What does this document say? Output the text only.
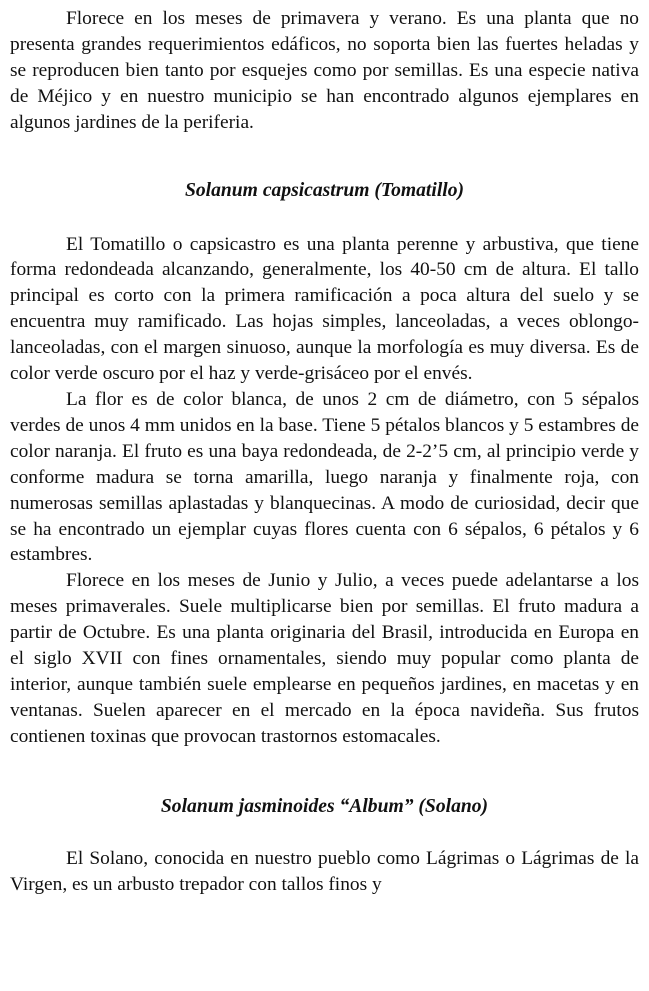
Florece en los meses de primavera y verano. Es una planta que no presenta grandes requerimientos edáficos, no soporta bien las fuertes heladas y se reproducen bien tanto por esquejes como por semillas. Es una especie nativa de Méjico y en nuestro municipio se han encontrado algunos ejemplares en algunos jardines de la periferia.

Solanum capsicastrum (Tomatillo)

El Tomatillo o capsicastro es una planta perenne y arbustiva, que tiene forma redondeada alcanzando, generalmente, los 40-50 cm de altura. El tallo principal es corto con la primera ramificación a poca altura del suelo y se encuentra muy ramificado. Las hojas simples, lanceoladas, a veces oblongo-lanceoladas, con el margen sinuoso, aunque la morfología es muy diversa. Es de color verde oscuro por el haz y verde-grisáceo por el envés.

La flor es de color blanca, de unos 2 cm de diámetro, con 5 sépalos verdes de unos 4 mm unidos en la base. Tiene 5 pétalos blancos y 5 estambres de color naranja. El fruto es una baya redondeada, de 2-2’5 cm, al principio verde y conforme madura se torna amarilla, luego naranja y finalmente roja, con numerosas semillas aplastadas y blanquecinas. A modo de curiosidad, decir que se ha encontrado un ejemplar cuyas flores cuenta con 6 sépalos, 6 pétalos y 6 estambres.

Florece en los meses de Junio y Julio, a veces puede adelantarse a los meses primaverales. Suele multiplicarse bien por semillas. El fruto madura a partir de Octubre. Es una planta originaria del Brasil, introducida en Europa en el siglo XVII con fines ornamentales, siendo muy popular como planta de interior, aunque también suele emplearse en pequeños jardines, en macetas y en ventanas. Suelen aparecer en el mercado en la época navideña. Sus frutos contienen toxinas que provocan trastornos estomacales.

Solanum jasminoides “Album” (Solano)

El Solano, conocida en nuestro pueblo como Lágrimas o Lágrimas de la Virgen, es un arbusto trepador con tallos finos y
